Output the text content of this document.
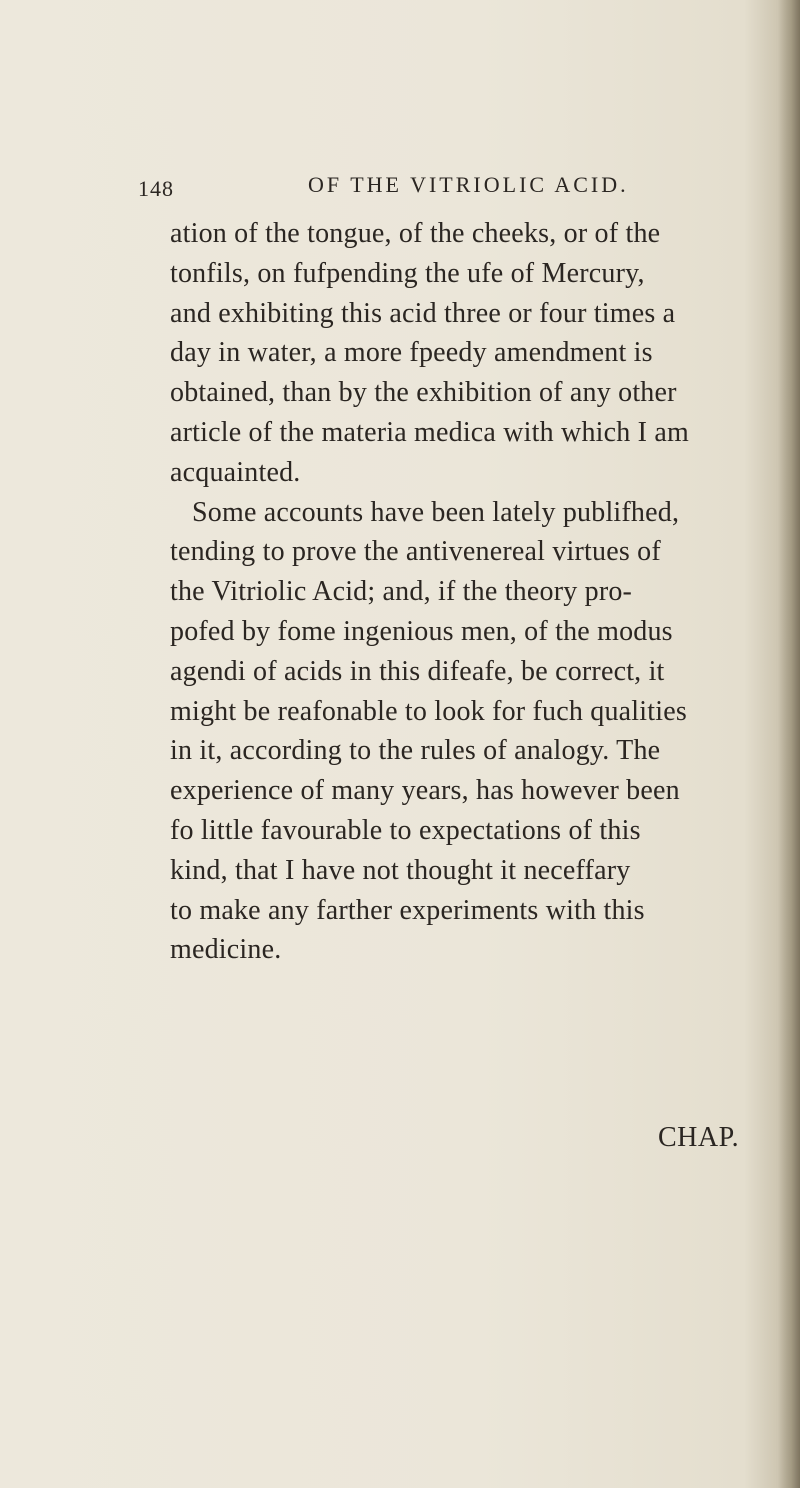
148	OF THE VITRIOLIC ACID.
ation of the tongue, of the cheeks, or of the
tonfils, on fufpending the ufe of Mercury,
and exhibiting this acid three or four times a
day in water, a more fpeedy amendment is
obtained, than by the exhibition of any other
article of the materia medica with which I am
acquainted.
Some accounts have been lately publifhed,
tending to prove the antivenereal virtues of
the Vitriolic Acid; and, if the theory pro-
pofed by fome ingenious men, of the modus
agendi of acids in this difeafe, be correct, it
might be reafonable to look for fuch qualities
in it, according to the rules of analogy. The
experience of many years, has however been
fo little favourable to expectations of this
kind, that I have not thought it neceffary
to make any farther experiments with this
medicine.
CHAP.
